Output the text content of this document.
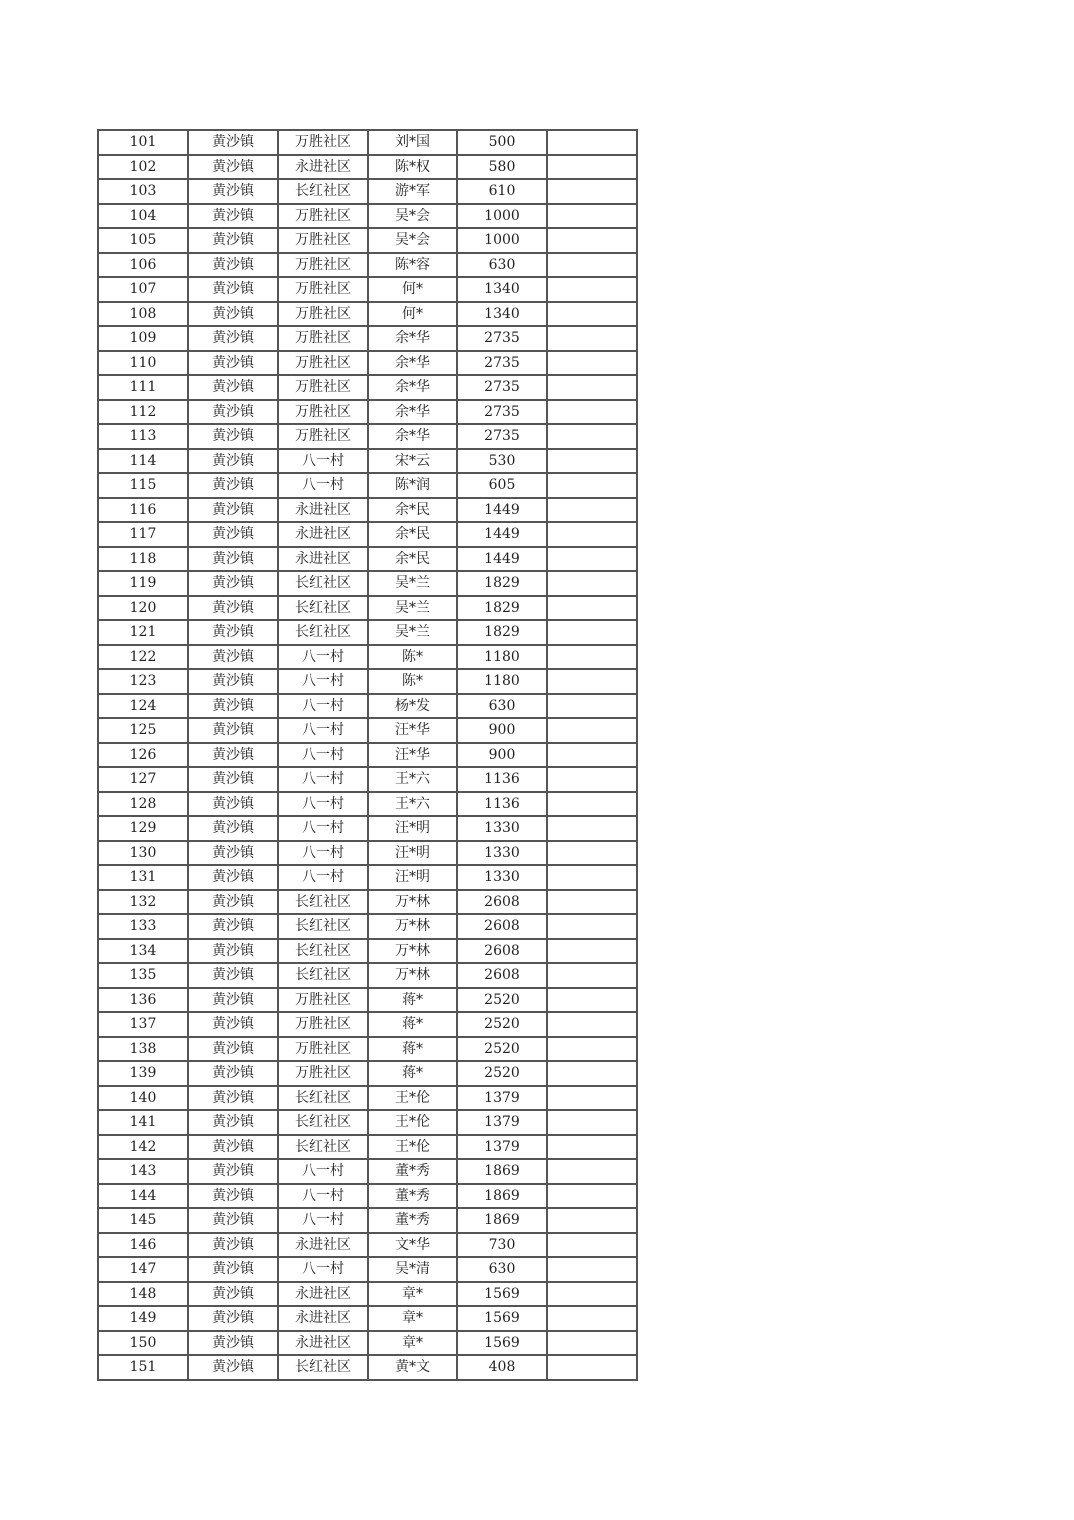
101	黄沙镇	万胜社区	刘*国	500	
102	黄沙镇	永进社区	陈*权	580	
103	黄沙镇	长红社区	游*军	610	
104	黄沙镇	万胜社区	吴*会	1000	
105	黄沙镇	万胜社区	吴*会	1000	
106	黄沙镇	万胜社区	陈*容	630	
107	黄沙镇	万胜社区	何*	1340	
108	黄沙镇	万胜社区	何*	1340	
109	黄沙镇	万胜社区	余*华	2735	
110	黄沙镇	万胜社区	余*华	2735	
111	黄沙镇	万胜社区	余*华	2735	
112	黄沙镇	万胜社区	余*华	2735	
113	黄沙镇	万胜社区	余*华	2735	
114	黄沙镇	八一村	宋*云	530	
115	黄沙镇	八一村	陈*润	605	
116	黄沙镇	永进社区	余*民	1449	
117	黄沙镇	永进社区	余*民	1449	
118	黄沙镇	永进社区	余*民	1449	
119	黄沙镇	长红社区	吴*兰	1829	
120	黄沙镇	长红社区	吴*兰	1829	
121	黄沙镇	长红社区	吴*兰	1829	
122	黄沙镇	八一村	陈*	1180	
123	黄沙镇	八一村	陈*	1180	
124	黄沙镇	八一村	杨*发	630	
125	黄沙镇	八一村	汪*华	900	
126	黄沙镇	八一村	汪*华	900	
127	黄沙镇	八一村	王*六	1136	
128	黄沙镇	八一村	王*六	1136	
129	黄沙镇	八一村	汪*明	1330	
130	黄沙镇	八一村	汪*明	1330	
131	黄沙镇	八一村	汪*明	1330	
132	黄沙镇	长红社区	万*林	2608	
133	黄沙镇	长红社区	万*林	2608	
134	黄沙镇	长红社区	万*林	2608	
135	黄沙镇	长红社区	万*林	2608	
136	黄沙镇	万胜社区	蒋*	2520	
137	黄沙镇	万胜社区	蒋*	2520	
138	黄沙镇	万胜社区	蒋*	2520	
139	黄沙镇	万胜社区	蒋*	2520	
140	黄沙镇	长红社区	王*伦	1379	
141	黄沙镇	长红社区	王*伦	1379	
142	黄沙镇	长红社区	王*伦	1379	
143	黄沙镇	八一村	董*秀	1869	
144	黄沙镇	八一村	董*秀	1869	
145	黄沙镇	八一村	董*秀	1869	
146	黄沙镇	永进社区	文*华	730	
147	黄沙镇	八一村	吴*清	630	
148	黄沙镇	永进社区	章*	1569	
149	黄沙镇	永进社区	章*	1569	
150	黄沙镇	永进社区	章*	1569	
151	黄沙镇	长红社区	黄*文	408	
